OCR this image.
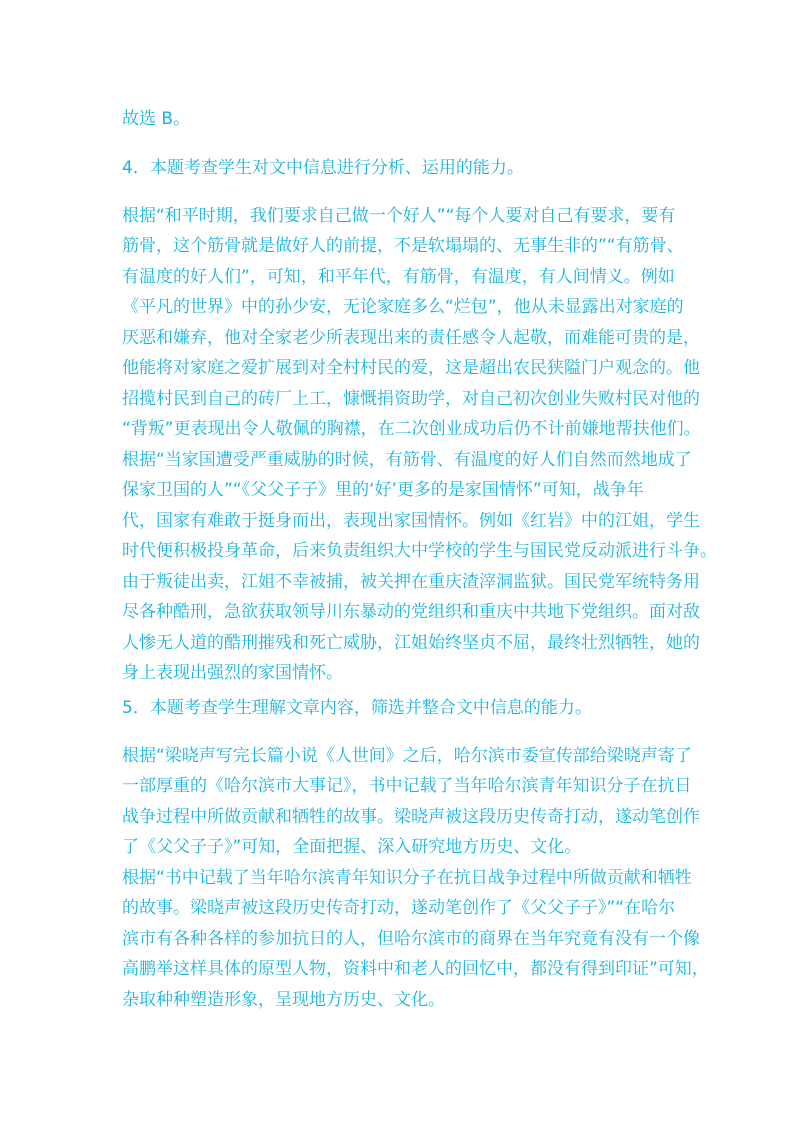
故选 B。
4．本题考查学生对文中信息进行分析、运用的能力。
根据“和平时期，我们要求自己做一个好人”“每个人要对自己有要求，要有
筋骨，这个筋骨就是做好人的前提，不是软塌塌的、无事生非的”“有筋骨、
有温度的好人们”，可知，和平年代，有筋骨，有温度，有人间情义。例如
《平凡的世界》中的孙少安，无论家庭多么“烂包”，他从未显露出对家庭的
厌恶和嫌弃，他对全家老少所表现出来的责任感令人起敬，而难能可贵的是，
他能将对家庭之爱扩展到对全村村民的爱，这是超出农民狭隘门户观念的。他
招揽村民到自己的砖厂上工，慷慨捐资助学，对自己初次创业失败村民对他的
“背叛”更表现出令人敬佩的胸襟，在二次创业成功后仍不计前嫌地帮扶他们。
根据“当家国遭受严重威胁的时候，有筋骨、有温度的好人们自然而然地成了
保家卫国的人”“《父父子子》里的‘好’更多的是家国情怀”可知，战争年
代，国家有难敢于挺身而出，表现出家国情怀。例如《红岩》中的江姐，学生
时代便积极投身革命，后来负责组织大中学校的学生与国民党反动派进行斗争。
由于叛徒出卖，江姐不幸被捕，被关押在重庆渣滓洞监狱。国民党军统特务用
尽各种酷刑，急欲获取领导川东暴动的党组织和重庆中共地下党组织。面对敌
人惨无人道的酷刑摧残和死亡威胁，江姐始终坚贞不屈，最终壮烈牺牲，她的
身上表现出强烈的家国情怀。
5．本题考查学生理解文章内容，筛选并整合文中信息的能力。
根据“梁晓声写完长篇小说《人世间》之后，哈尔滨市委宣传部给梁晓声寄了
一部厚重的《哈尔滨市大事记》，书中记载了当年哈尔滨青年知识分子在抗日
战争过程中所做贡献和牺牲的故事。梁晓声被这段历史传奇打动，遂动笔创作
了《父父子子》”可知，全面把握、深入研究地方历史、文化。
根据“书中记载了当年哈尔滨青年知识分子在抗日战争过程中所做贡献和牺牲
的故事。梁晓声被这段历史传奇打动，遂动笔创作了《父父子子》”“在哈尔
滨市有各种各样的参加抗日的人，但哈尔滨市的商界在当年究竟有没有一个像
高鹏举这样具体的原型人物，资料中和老人的回忆中，都没有得到印证”可知，
杂取种种塑造形象，呈现地方历史、文化。
